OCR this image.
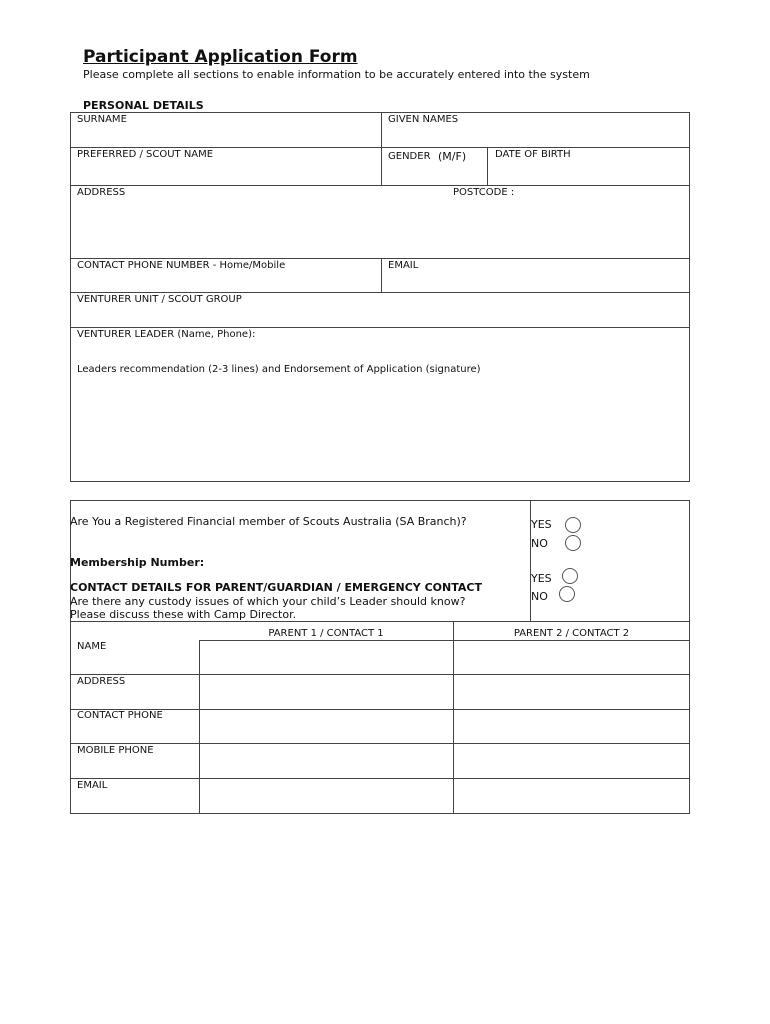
Participant Application Form
Please complete all sections to enable information to be accurately entered into the system
PERSONAL DETAILS
SURNAME	GIVEN NAMES
PREFERRED / SCOUT NAME	GENDER (M/F)	DATE OF BIRTH
ADDRESS	POSTCODE :
CONTACT PHONE NUMBER - Home/Mobile	EMAIL
VENTURER UNIT / SCOUT GROUP
VENTURER LEADER (Name, Phone):
Leaders recommendation (2-3 lines) and Endorsement of Application (signature)
Are You a Registered Financial member of Scouts Australia (SA Branch)?	YES
NO
Membership Number:
CONTACT DETAILS FOR PARENT/GUARDIAN / EMERGENCY CONTACT
Are there any custody issues of which your child’s Leader should know?
Please discuss these with Camp Director.
YES
NO
PARENT 1 / CONTACT 1	PARENT 2 / CONTACT 2
NAME
ADDRESS
CONTACT PHONE
MOBILE PHONE
EMAIL
